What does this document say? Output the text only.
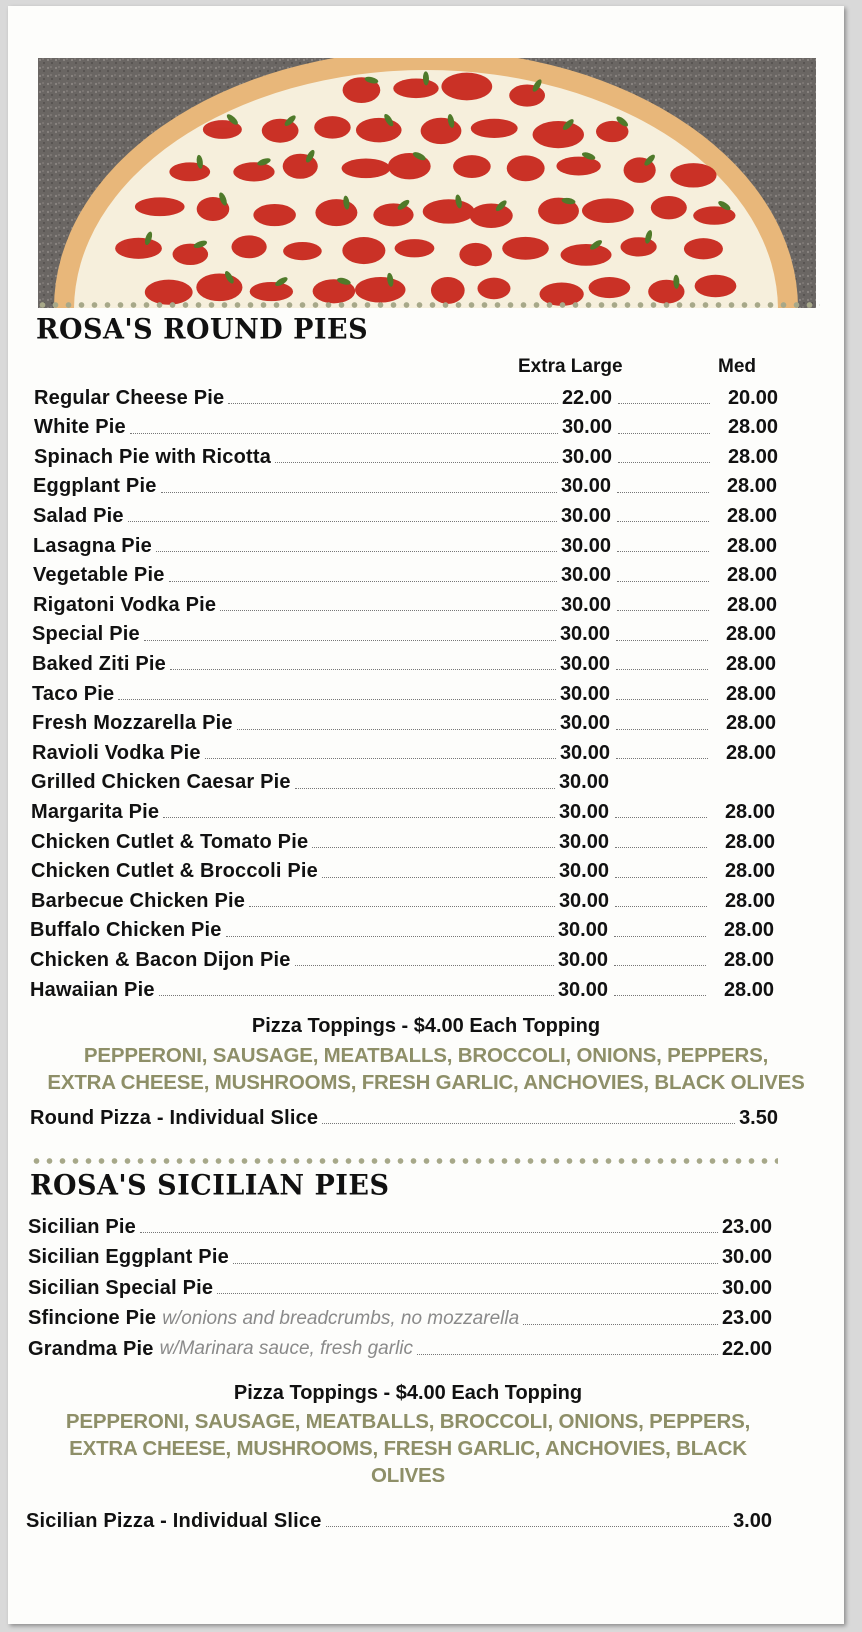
ROSA'S ROUND PIES
Extra Large	Med
Regular Cheese Pie	22.00	20.00
White Pie	30.00	28.00
Spinach Pie with Ricotta	30.00	28.00
Eggplant Pie	30.00	28.00
Salad Pie	30.00	28.00
Lasagna Pie	30.00	28.00
Vegetable Pie	30.00	28.00
Rigatoni Vodka Pie	30.00	28.00
Special Pie	30.00	28.00
Baked Ziti Pie	30.00	28.00
Taco Pie	30.00	28.00
Fresh Mozzarella Pie	30.00	28.00
Ravioli Vodka Pie	30.00	28.00
Grilled Chicken Caesar Pie	30.00
Margarita Pie	30.00	28.00
Chicken Cutlet & Tomato Pie	30.00	28.00
Chicken Cutlet & Broccoli Pie	30.00	28.00
Barbecue Chicken Pie	30.00	28.00
Buffalo Chicken Pie	30.00	28.00
Chicken & Bacon Dijon Pie	30.00	28.00
Hawaiian Pie	30.00	28.00
Pizza Toppings - $4.00 Each Topping

PEPPERONI, SAUSAGE, MEATBALLS, BROCCOLI, ONIONS, PEPPERS,
EXTRA CHEESE, MUSHROOMS, FRESH GARLIC, ANCHOVIES, BLACK OLIVES

Round Pizza - Individual Slice	3.50
ROSA'S SICILIAN PIES
Sicilian Pie	23.00
Sicilian Eggplant Pie	30.00
Sicilian Special Pie	30.00
Sfincione Pie w/onions and breadcrumbs, no mozzarella	23.00
Grandma Pie w/Marinara sauce, fresh garlic	22.00
Pizza Toppings - $4.00 Each Topping

PEPPERONI, SAUSAGE, MEATBALLS, BROCCOLI, ONIONS, PEPPERS,
EXTRA CHEESE, MUSHROOMS, FRESH GARLIC, ANCHOVIES, BLACK
OLIVES

Sicilian Pizza - Individual Slice	3.00
